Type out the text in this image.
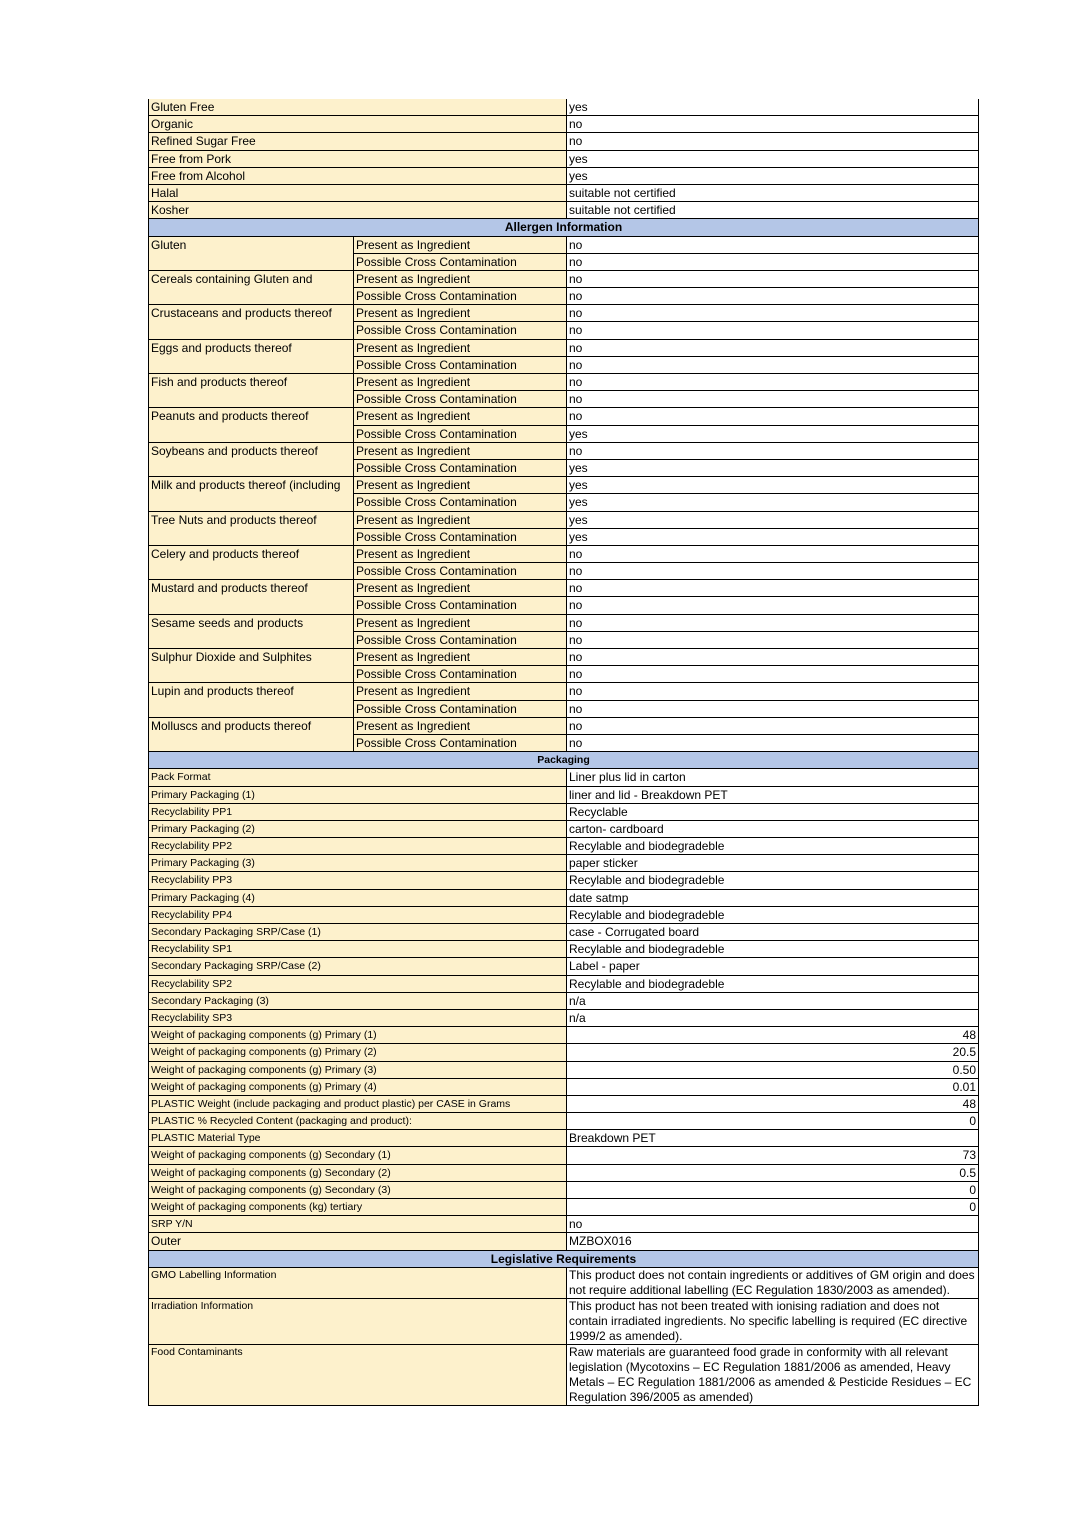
Gluten Free		yes
Organic		no
Refined Sugar Free		no
Free from Pork		yes
Free from Alcohol		yes
Halal		suitable not certified
Kosher		suitable not certified
Allergen Information		
Gluten	Present as Ingredient	no
	Possible Cross Contamination	no
Cereals containing Gluten and	Present as Ingredient	no
	Possible Cross Contamination	no
Crustaceans and products thereof	Present as Ingredient	no
	Possible Cross Contamination	no
Eggs and products thereof	Present as Ingredient	no
	Possible Cross Contamination	no
Fish and products thereof	Present as Ingredient	no
	Possible Cross Contamination	no
Peanuts and products thereof	Present as Ingredient	no
	Possible Cross Contamination	yes
Soybeans and products thereof	Present as Ingredient	no
	Possible Cross Contamination	yes
Milk and products thereof (including	Present as Ingredient	yes
	Possible Cross Contamination	yes
Tree Nuts and products thereof	Present as Ingredient	yes
	Possible Cross Contamination	yes
Celery and products thereof	Present as Ingredient	no
	Possible Cross Contamination	no
Mustard and products thereof	Present as Ingredient	no
	Possible Cross Contamination	no
Sesame seeds and products	Present as Ingredient	no
	Possible Cross Contamination	no
Sulphur Dioxide and Sulphites	Present as Ingredient	no
	Possible Cross Contamination	no
Lupin and products thereof	Present as Ingredient	no
	Possible Cross Contamination	no
Molluscs and products thereof	Present as Ingredient	no
	Possible Cross Contamination	no
Packaging		
Pack Format		Liner plus lid in carton
Primary Packaging (1)		liner and lid - Breakdown PET
Recyclability PP1		Recyclable
Primary Packaging (2)		carton- cardboard
Recyclability PP2		Recylable and biodegradeble
Primary Packaging (3)		paper sticker
Recyclability PP3		Recylable and biodegradeble
Primary Packaging (4)		date satmp
Recyclability PP4		Recylable and biodegradeble
Secondary Packaging SRP/Case (1)		case - Corrugated board
Recyclability SP1		Recylable and biodegradeble
Secondary Packaging SRP/Case (2)		Label - paper
Recyclability SP2		Recylable and biodegradeble
Secondary Packaging (3)		n/a
Recyclability SP3		n/a
Weight of packaging components (g) Primary (1)		48
Weight of packaging components (g) Primary (2)		20.5
Weight of packaging components (g) Primary (3)		0.50
Weight of packaging components (g) Primary (4)		0.01
PLASTIC Weight (include packaging and product plastic) per CASE in Grams		48
PLASTIC % Recycled Content (packaging and product):		0
PLASTIC Material Type		Breakdown PET
Weight of packaging components (g) Secondary (1)		73
Weight of packaging components (g) Secondary (2)		0.5
Weight of packaging components (g) Secondary (3)		0
Weight of packaging components (kg) tertiary		0
SRP Y/N		no
Outer		MZBOX016
Legislative Requirements		
GMO Labelling Information		This product does not contain ingredients or additives of GM origin and does not require additional labelling (EC Regulation 1830/2003 as amended).
Irradiation Information		This product has not been treated with ionising radiation and does not contain irradiated ingredients. No specific labelling is required (EC directive 1999/2 as amended).
Food Contaminants		Raw materials are guaranteed food grade in conformity with all relevant legislation (Mycotoxins – EC Regulation 1881/2006 as amended, Heavy Metals – EC Regulation 1881/2006 as amended & Pesticide Residues – EC Regulation 396/2005 as amended)
